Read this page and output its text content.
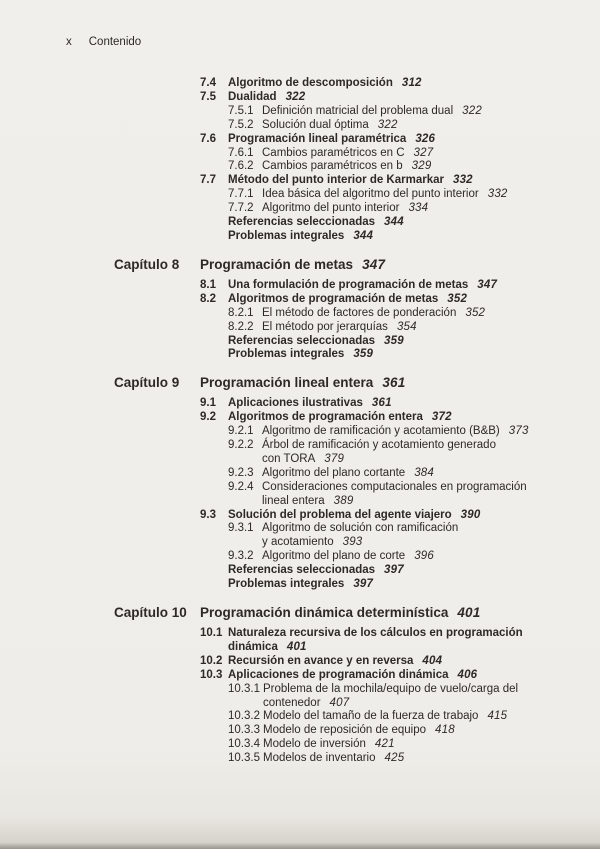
x Contenido
7.4	Algoritmo de descomposición 312
7.5	Dualidad 322
7.5.1 Definición matricial del problema dual 322
7.5.2 Solución dual óptima 322
7.6	Programación lineal paramétrica 326
7.6.1 Cambios paramétricos en C 327
7.6.2 Cambios paramétricos en b 329
7.7	Método del punto interior de Karmarkar 332
7.7.1 Idea básica del algoritmo del punto interior 332
7.7.2 Algoritmo del punto interior 334
Referencias seleccionadas 344
Problemas integrales 344
Capítulo 8	Programación de metas 347
8.1	Una formulación de programación de metas 347
8.2	Algoritmos de programación de metas 352
8.2.1 El método de factores de ponderación 352
8.2.2 El método por jerarquías 354
Referencias seleccionadas 359
Problemas integrales 359
Capítulo 9	Programación lineal entera 361
9.1	Aplicaciones ilustrativas 361
9.2	Algoritmos de programación entera 372
9.2.1 Algoritmo de ramificación y acotamiento (B&B) 373
9.2.2 Árbol de ramificación y acotamiento generado
con TORA 379
9.2.3 Algoritmo del plano cortante 384
9.2.4 Consideraciones computacionales en programación
lineal entera 389
9.3	Solución del problema del agente viajero 390
9.3.1 Algoritmo de solución con ramificación
y acotamiento 393
9.3.2 Algoritmo del plano de corte 396
Referencias seleccionadas 397
Problemas integrales 397
Capítulo 10 Programación dinámica determinística 401
10.1 Naturaleza recursiva de los cálculos en programación
dinámica 401
10.2 Recursión en avance y en reversa 404
10.3 Aplicaciones de programación dinámica 406
10.3.1 Problema de la mochila/equipo de vuelo/carga del
contenedor 407
10.3.2 Modelo del tamaño de la fuerza de trabajo 415
10.3.3 Modelo de reposición de equipo 418
10.3.4 Modelo de inversión 421
10.3.5 Modelos de inventario 425
